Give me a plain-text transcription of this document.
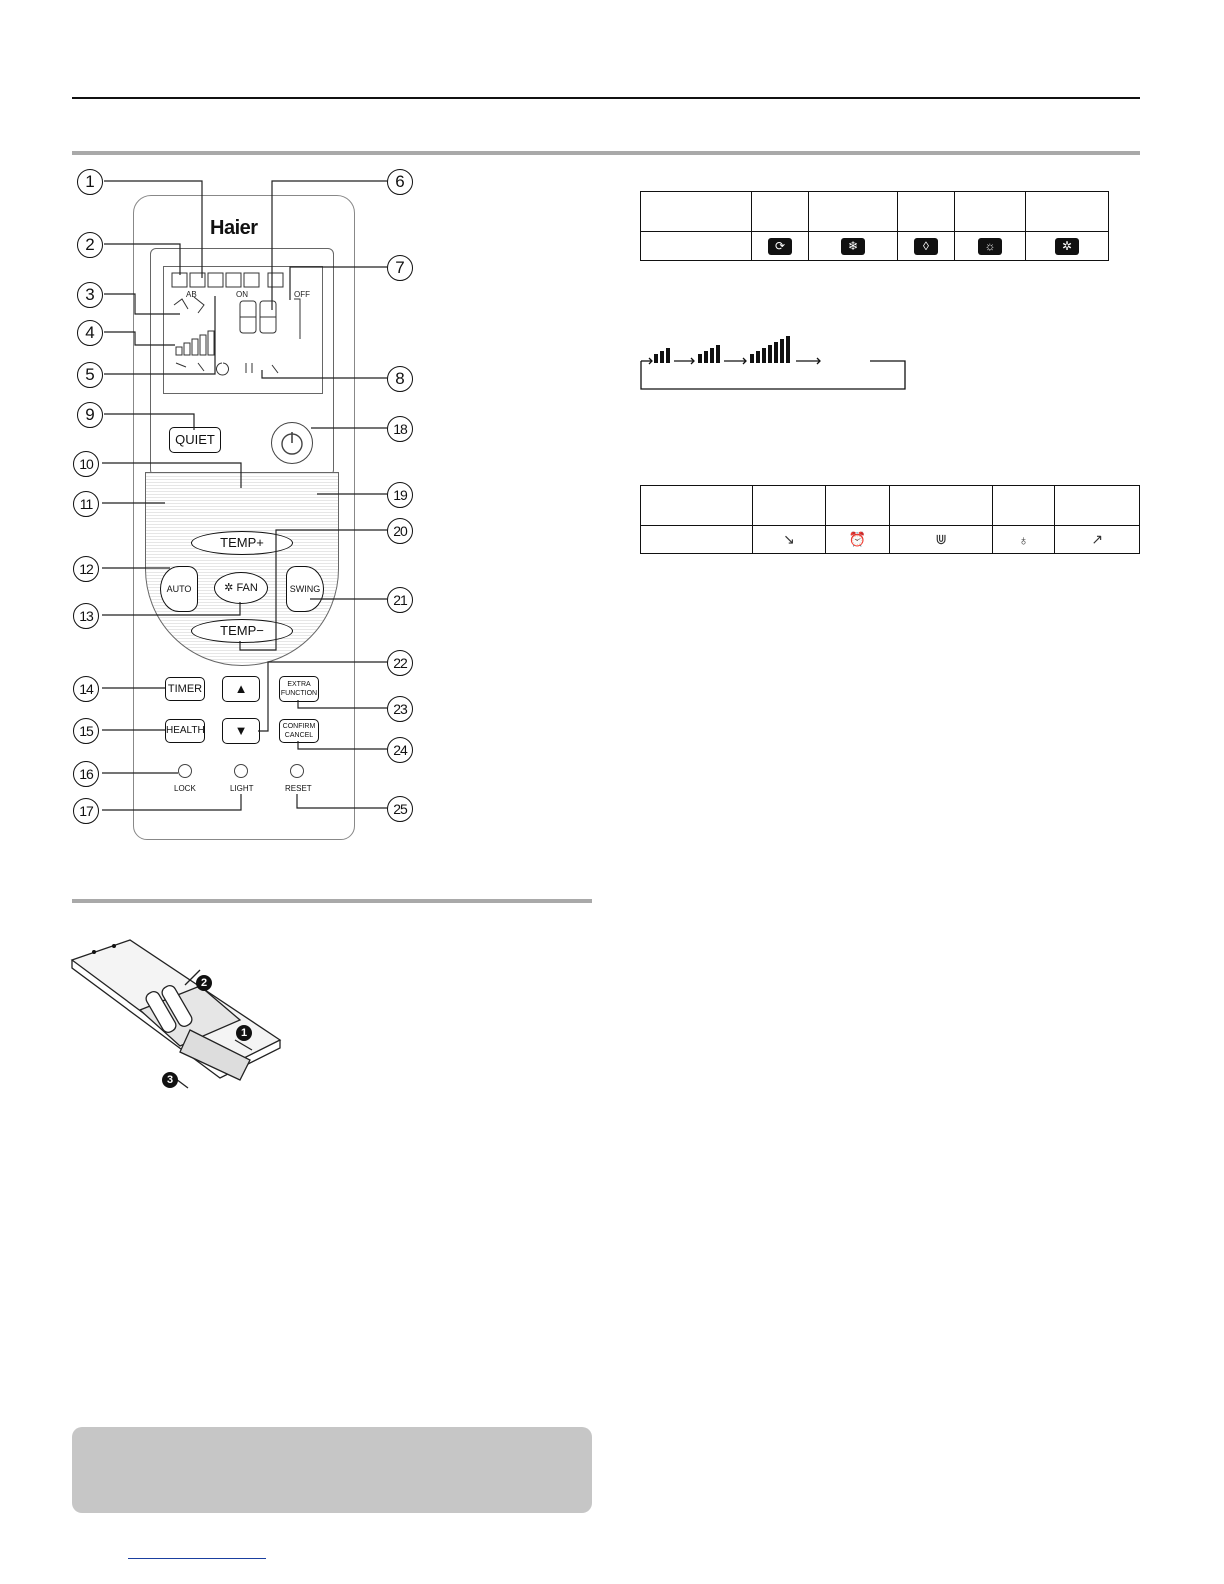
Haier
AB	ON	OFF
QUIET
TEMP+
TEMP−
AUTO	SWING
✲ FAN
TIMER	▲	EXTRA
FUNCTION
HEALTH	▼	CONFIRM
CANCEL
LOCK	LIGHT	RESET
1
2
3
4
5
9
10
11
12
13
14
15
16
17
6
7
8
18
19
20
21
22
23
24
25
2
1
3

	⟳	❄	◊	☼	✲

	↘	⏰	⋓	♁	↗
